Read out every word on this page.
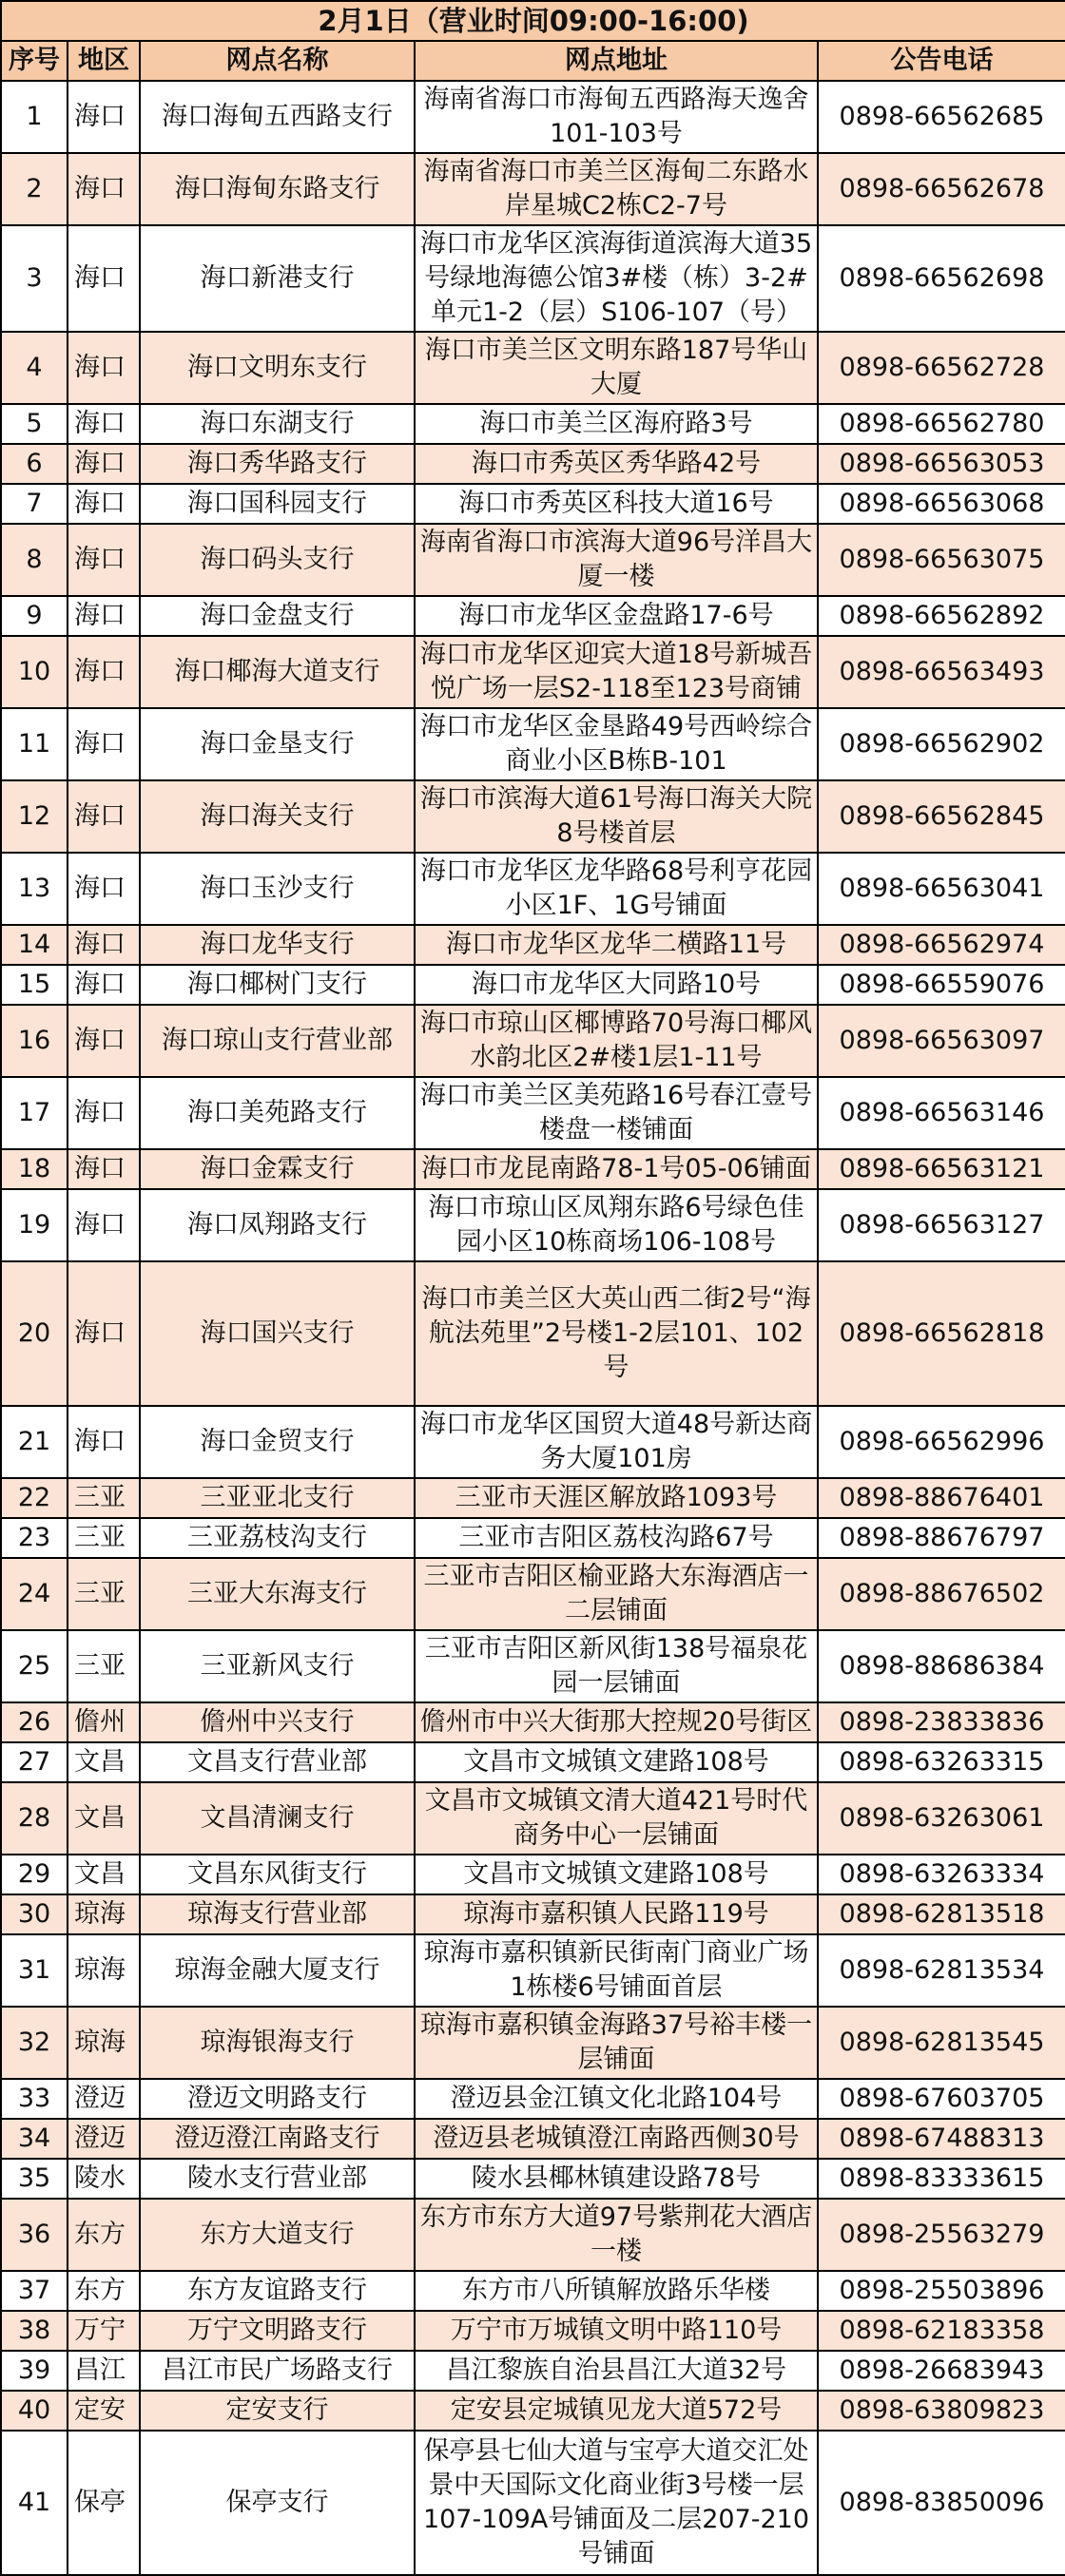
2月1日（营业时间09:00-16:00)				
序号	地区	网点名称	网点地址	公告电话
1	海口	海口海甸五西路支行	海南省海口市海甸五西路海天逸舍101-103号	0898-66562685
2	海口	海口海甸东路支行	海南省海口市美兰区海甸二东路水岸星城C2栋C2-7号	0898-66562678
3	海口	海口新港支行	海口市龙华区滨海街道滨海大道35号绿地海德公馆3#楼（栋）3-2#单元1-2（层）S106-107（号）	0898-66562698
4	海口	海口文明东支行	海口市美兰区文明东路187号华山大厦	0898-66562728
5	海口	海口东湖支行	海口市美兰区海府路3号	0898-66562780
6	海口	海口秀华路支行	海口市秀英区秀华路42号	0898-66563053
7	海口	海口国科园支行	海口市秀英区科技大道16号	0898-66563068
8	海口	海口码头支行	海南省海口市滨海大道96号洋昌大厦一楼	0898-66563075
9	海口	海口金盘支行	海口市龙华区金盘路17-6号	0898-66562892
10	海口	海口椰海大道支行	海口市龙华区迎宾大道18号新城吾悦广场一层S2-118至123号商铺	0898-66563493
11	海口	海口金垦支行	海口市龙华区金垦路49号西岭综合商业小区B栋B-101	0898-66562902
12	海口	海口海关支行	海口市滨海大道61号海口海关大院8号楼首层	0898-66562845
13	海口	海口玉沙支行	海口市龙华区龙华路68号利亨花园小区1F、1G号铺面	0898-66563041
14	海口	海口龙华支行	海口市龙华区龙华二横路11号	0898-66562974
15	海口	海口椰树门支行	海口市龙华区大同路10号	0898-66559076
16	海口	海口琼山支行营业部	海口市琼山区椰博路70号海口椰风水韵北区2#楼1层1-11号	0898-66563097
17	海口	海口美苑路支行	海口市美兰区美苑路16号春江壹号楼盘一楼铺面	0898-66563146
18	海口	海口金霖支行	海口市龙昆南路78-1号05-06铺面	0898-66563121
19	海口	海口凤翔路支行	海口市琼山区凤翔东路6号绿色佳园小区10栋商场106-108号	0898-66563127
20	海口	海口国兴支行	海口市美兰区大英山西二街2号“海航法苑里”2号楼1-2层101、102号	0898-66562818
21	海口	海口金贸支行	海口市龙华区国贸大道48号新达商务大厦101房	0898-66562996
22	三亚	三亚亚北支行	三亚市天涯区解放路1093号	0898-88676401
23	三亚	三亚荔枝沟支行	三亚市吉阳区荔枝沟路67号	0898-88676797
24	三亚	三亚大东海支行	三亚市吉阳区榆亚路大东海酒店一二层铺面	0898-88676502
25	三亚	三亚新风支行	三亚市吉阳区新风街138号福泉花园一层铺面	0898-88686384
26	儋州	儋州中兴支行	儋州市中兴大街那大控规20号街区	0898-23833836
27	文昌	文昌支行营业部	文昌市文城镇文建路108号	0898-63263315
28	文昌	文昌清澜支行	文昌市文城镇文清大道421号时代商务中心一层铺面	0898-63263061
29	文昌	文昌东风街支行	文昌市文城镇文建路108号	0898-63263334
30	琼海	琼海支行营业部	琼海市嘉积镇人民路119号	0898-62813518
31	琼海	琼海金融大厦支行	琼海市嘉积镇新民街南门商业广场1栋楼6号铺面首层	0898-62813534
32	琼海	琼海银海支行	琼海市嘉积镇金海路37号裕丰楼一层铺面	0898-62813545
33	澄迈	澄迈文明路支行	澄迈县金江镇文化北路104号	0898-67603705
34	澄迈	澄迈澄江南路支行	澄迈县老城镇澄江南路西侧30号	0898-67488313
35	陵水	陵水支行营业部	陵水县椰林镇建设路78号	0898-83333615
36	东方	东方大道支行	东方市东方大道97号紫荆花大酒店一楼	0898-25563279
37	东方	东方友谊路支行	东方市八所镇解放路乐华楼	0898-25503896
38	万宁	万宁文明路支行	万宁市万城镇文明中路110号	0898-62183358
39	昌江	昌江市民广场路支行	昌江黎族自治县昌江大道32号	0898-26683943
40	定安	定安支行	定安县定城镇见龙大道572号	0898-63809823
41	保亭	保亭支行	保亭县七仙大道与宝亭大道交汇处景中天国际文化商业街3号楼一层107-109A号铺面及二层207-210号铺面	0898-83850096
